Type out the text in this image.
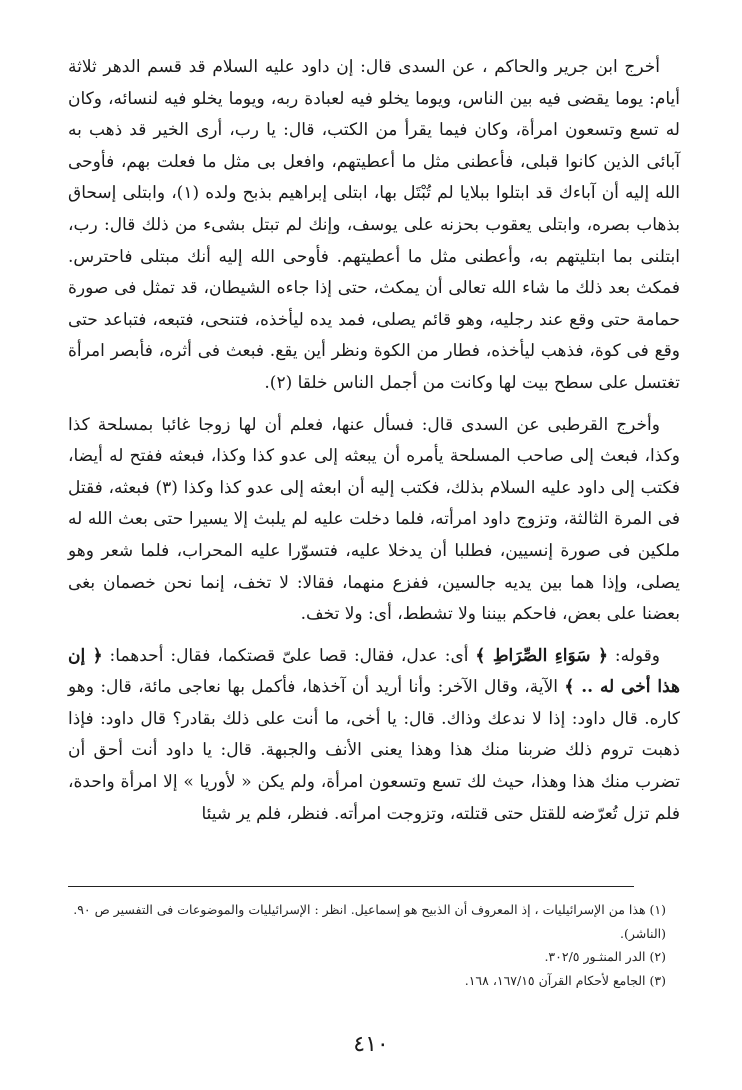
أخرج ابن جرير والحاكم ، عن السدى قال: إن داود عليه السلام قد قسم الدهر ثلاثة أيام: يوما يقضى فيه بين الناس، ويوما يخلو فيه لعبادة ربه، ويوما يخلو فيه لنسائه، وكان له تسع وتسعون امرأة، وكان فيما يقرأ من الكتب، قال: يا رب، أرى الخير قد ذهب به آبائى الذين كانوا قبلى، فأعطنى مثل ما أعطيتهم، وافعل بى مثل ما فعلت بهم، فأوحى الله إليه أن آباءك قد ابتلوا ببلايا لم تُبْتَل بها، ابتلى إبراهيم بذبح ولده (١)، وابتلى إسحاق بذهاب بصره، وابتلى يعقوب بحزنه على يوسف، وإنك لم تبتل بشىء من ذلك قال: رب، ابتلنى بما ابتليتهم به، وأعطنى مثل ما أعطيتهم. فأوحى الله إليه أنك مبتلى فاحترس. فمكث بعد ذلك ما شاء الله تعالى أن يمكث، حتى إذا جاءه الشيطان، قد تمثل فى صورة حمامة حتى وقع عند رجليه، وهو قائم يصلى، فمد يده ليأخذه، فتنحى، فتبعه، فتباعد حتى وقع فى كوة، فذهب ليأخذه، فطار من الكوة ونظر أين يقع. فبعث فى أثره، فأبصر امرأة تغتسل على سطح بيت لها وكانت من أجمل الناس خلقا (٢).

وأخرج القرطبى عن السدى قال: فسأل عنها، فعلم أن لها زوجا غائبا بمسلحة كذا وكذا، فبعث إلى صاحب المسلحة يأمره أن يبعثه إلى عدو كذا وكذا، فبعثه ففتح له أيضا، فكتب إلى داود عليه السلام بذلك، فكتب إليه أن ابعثه إلى عدو كذا وكذا (٣) فبعثه، فقتل فى المرة الثالثة، وتزوج داود امرأته، فلما دخلت عليه لم يلبث إلا يسيرا حتى بعث الله له ملكين فى صورة إنسيين، فطلبا أن يدخلا عليه، فتسوّرا عليه المحراب، فلما شعر وهو يصلى، وإذا هما بين يديه جالسين، ففزع منهما، فقالا: لا تخف، إنما نحن خصمان بغى بعضنا على بعض، فاحكم بيننا ولا تشطط، أى: ولا تخف.

وقوله: ﴿ سَوَاءِ الصِّرَاطِ ﴾ أى: عدل، فقال: قصا علىّ قصتكما، فقال: أحدهما: ﴿ إن هذا أخى له .. ﴾ الآية، وقال الآخر: وأنا أريد أن آخذها، فأكمل بها نعاجى مائة، قال: وهو كاره. قال داود: إذا لا ندعك وذاك. قال: يا أخى، ما أنت على ذلك بقادر؟ قال داود: فإذا ذهبت تروم ذلك ضربنا منك هذا وهذا يعنى الأنف والجبهة. قال: يا داود أنت أحق أن تضرب منك هذا وهذا، حيث لك تسع وتسعون امرأة، ولم يكن « لأوريا » إلا امرأة واحدة، فلم تزل تُعرّضه للقتل حتى قتلته، وتزوجت امرأته. فنظر، فلم ير شيئا

(١) هذا من الإسرائيليات ، إذ المعروف أن الذبيح هو إسماعيل. انظر : الإسرائيليات والموضوعات فى التفسير ص ٩٠. (الناشر).

(٢) الدر المنثـور ٣٠٢/٥.

(٣) الجامع لأحكام القرآن ١٦٧/١٥، ١٦٨.

٤١٠
